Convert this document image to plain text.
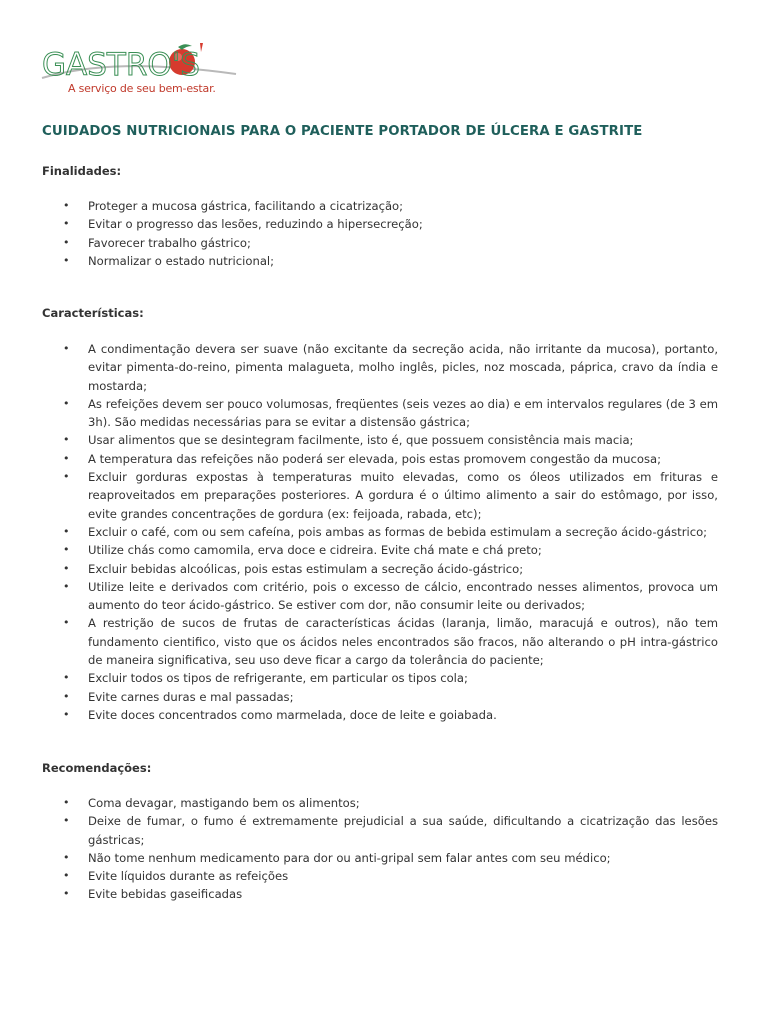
GASTRO'S
A serviço de seu bem-estar.
CUIDADOS NUTRICIONAIS PARA O PACIENTE PORTADOR DE ÚLCERA E GASTRITE
Finalidades:
• Proteger a mucosa gástrica, facilitando a cicatrização;
• Evitar o progresso das lesões, reduzindo a hipersecreção;
• Favorecer trabalho gástrico;
• Normalizar o estado nutricional;
Características:
• A condimentação devera ser suave (não excitante da secreção acida, não irritante da mucosa), portanto, evitar pimenta-do-reino, pimenta malagueta, molho inglês, picles, noz moscada, páprica, cravo da índia e mostarda;
• As refeições devem ser pouco volumosas, freqüentes (seis vezes ao dia) e em intervalos regulares (de 3 em 3h). São medidas necessárias para se evitar a distensão gástrica;
• Usar alimentos que se desintegram facilmente, isto é, que possuem consistência mais macia;
• A temperatura das refeições não poderá ser elevada, pois estas promovem congestão da mucosa;
• Excluir gorduras expostas à temperaturas muito elevadas, como os óleos utilizados em frituras e reaproveitados em preparações posteriores. A gordura é o último alimento a sair do estômago, por isso, evite grandes concentrações de gordura (ex: feijoada, rabada, etc);
• Excluir o café, com ou sem cafeína, pois ambas as formas de bebida estimulam a secreção ácido-gástrico;
• Utilize chás como camomila, erva doce e cidreira. Evite chá mate e chá preto;
• Excluir bebidas alcoólicas, pois estas estimulam a secreção ácido-gástrico;
• Utilize leite e derivados com critério, pois o excesso de cálcio, encontrado nesses alimentos, provoca um aumento do teor ácido-gástrico. Se estiver com dor, não consumir leite ou derivados;
• A restrição de sucos de frutas de características ácidas (laranja, limão, maracujá e outros), não tem fundamento cientifico, visto que os ácidos neles encontrados são fracos, não alterando o pH intra-gástrico de maneira significativa, seu uso deve ficar a cargo da tolerância do paciente;
• Excluir todos os tipos de refrigerante, em particular os tipos cola;
• Evite carnes duras e mal passadas;
• Evite doces concentrados como marmelada, doce de leite e goiabada.
Recomendações:
• Coma devagar, mastigando bem os alimentos;
• Deixe de fumar, o fumo é extremamente prejudicial a sua saúde, dificultando a cicatrização das lesões gástricas;
• Não tome nenhum medicamento para dor ou anti-gripal sem falar antes com seu médico;
• Evite líquidos durante as refeições
• Evite bebidas gaseificadas
